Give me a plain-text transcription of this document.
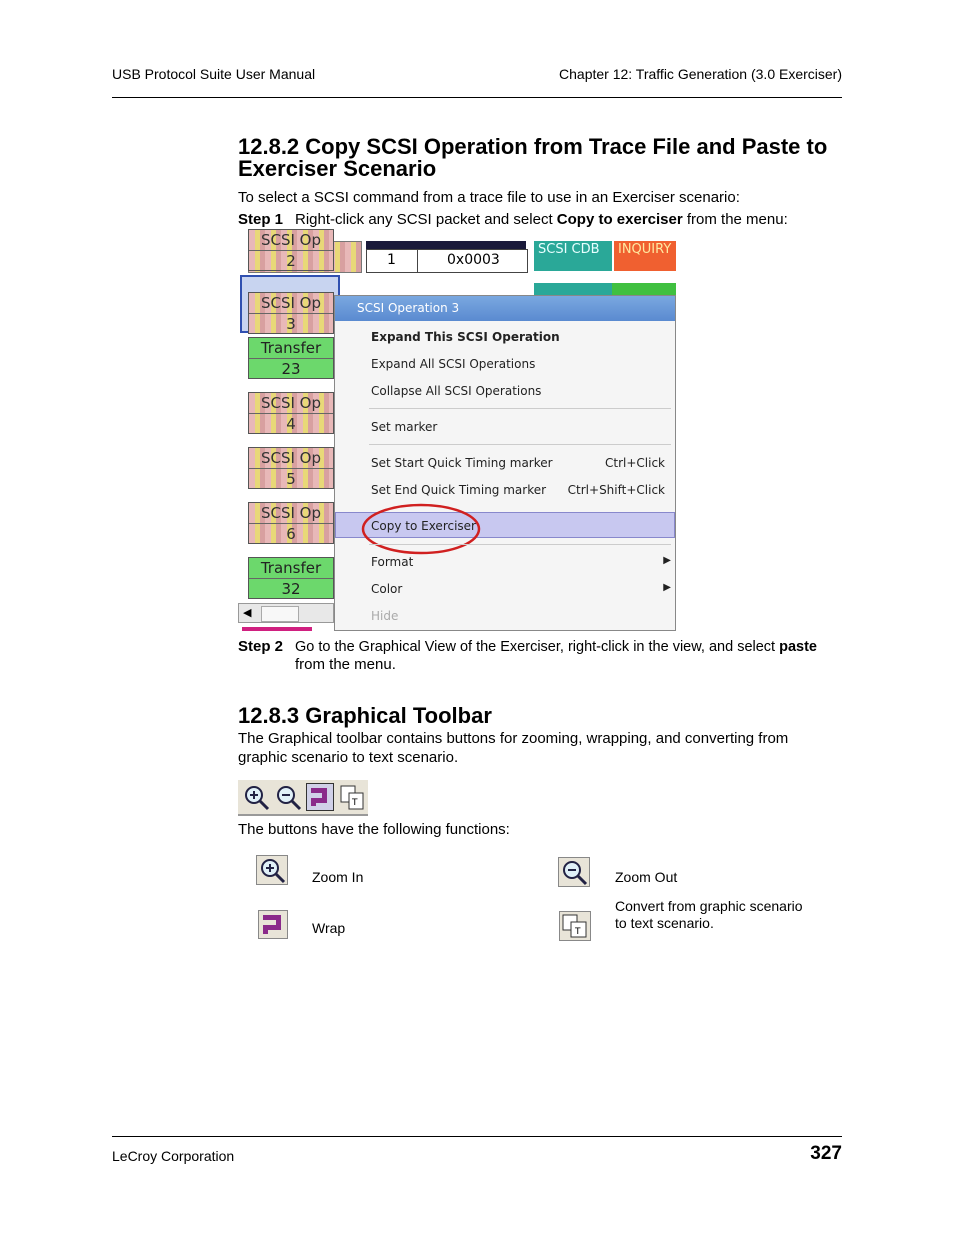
USB Protocol Suite User Manual	Chapter 12: Traffic Generation (3.0 Exerciser)
12.8.2 Copy SCSI Operation from Trace File and Paste to
Exerciser Scenario
To select a SCSI command from a trace file to use in an Exerciser scenario:
Step 1 Right-click any SCSI packet and select Copy to exerciser from the menu:
1	0x0003
SCSI CDB	INQUIRY
SCSI Op
2
SCSI Op
3
Transfer
23
SCSI Op
4
SCSI Op
5
SCSI Op
6
Transfer
32
◀
SCSI Operation 3
Expand This SCSI Operation
Expand All SCSI Operations
Collapse All SCSI Operations
Set marker
Set Start Quick Timing marker	Ctrl+Click
Set End Quick Timing marker Ctrl+Shift+Click
Copy to Exerciser
Format	▶
Color	▶
Hide
Step 2 Go to the Graphical View of the Exerciser, right-click in the view, and select paste
from the menu.
12.8.3 Graphical Toolbar
The Graphical toolbar contains buttons for zooming, wrapping, and converting from
graphic scenario to text scenario.
T
The buttons have the following functions:
Zoom In	Zoom Out
Wrap	T
Convert from graphic scenario
to text scenario.
LeCroy Corporation	327
